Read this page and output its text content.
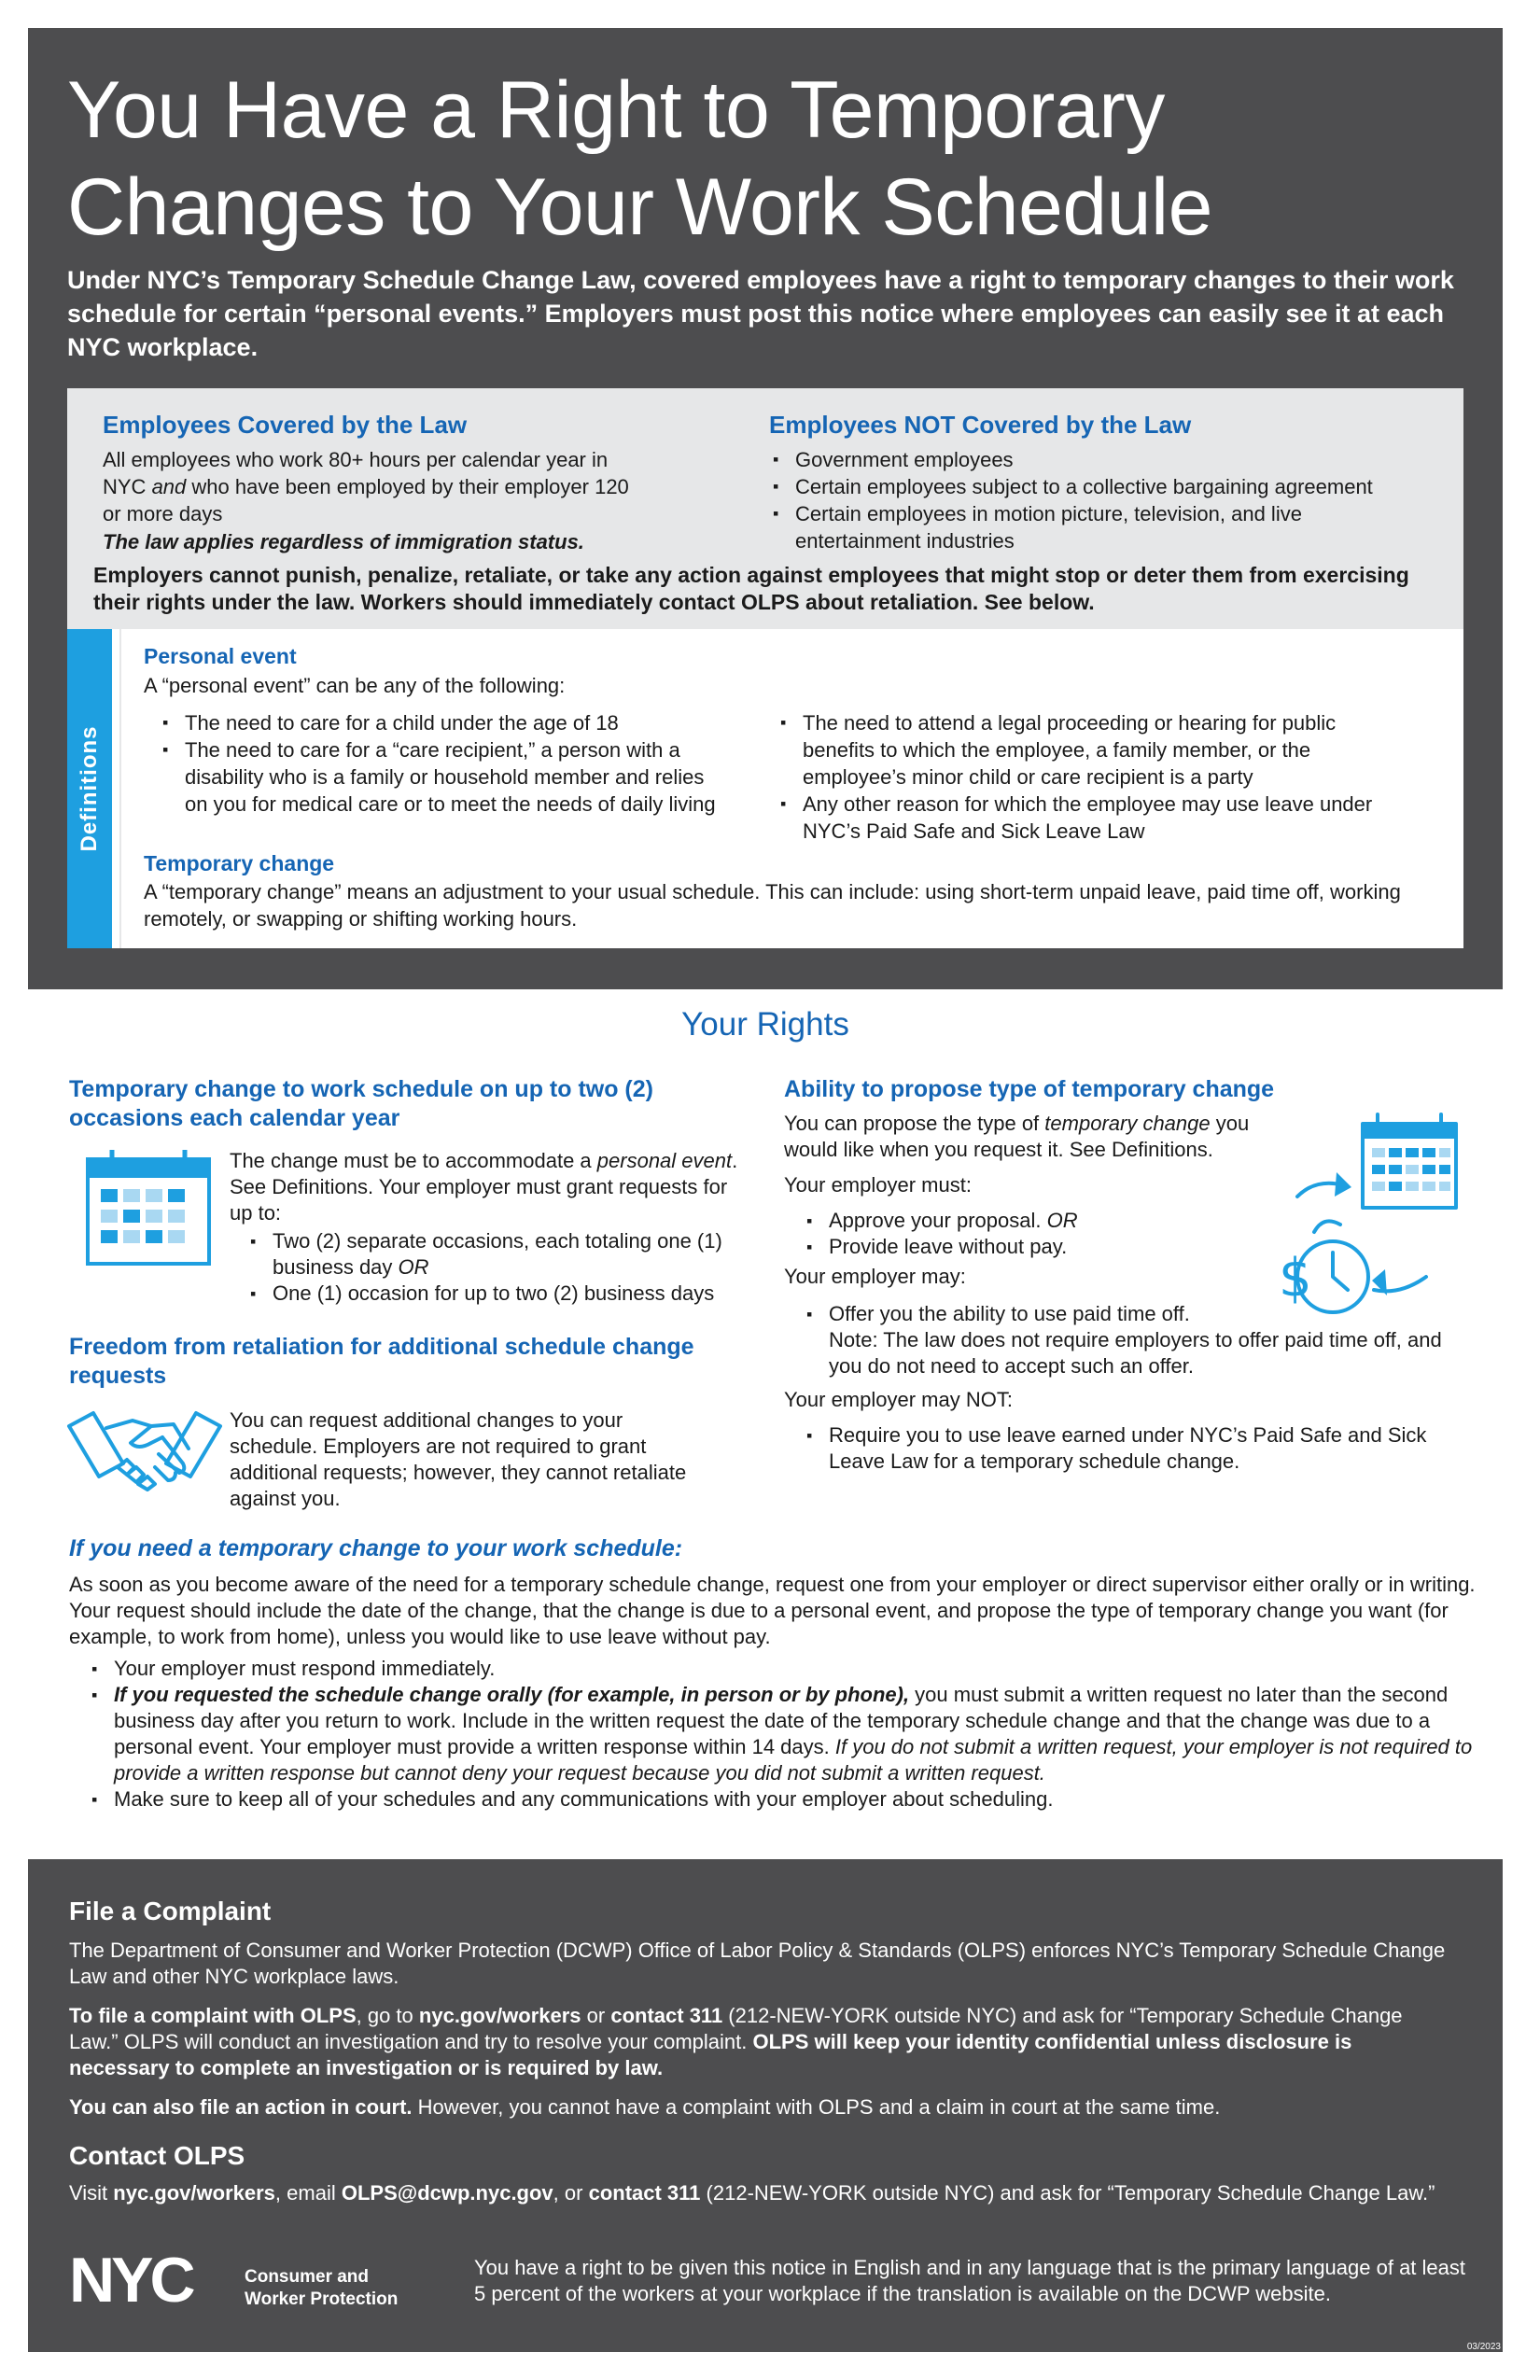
You Have a Right to Temporary
Changes to Your Work Schedule
Under NYC’s Temporary Schedule Change Law, covered employees have a right to temporary changes to their work schedule for certain “personal events.” Employers must post this notice where employees can easily see it at each NYC workplace.
Employees Covered by the Law
All employees who work 80+ hours per calendar year in NYC and who have been employed by their employer 120 or more days
The law applies regardless of immigration status.
Employees NOT Covered by the Law
▪ Government employees
▪ Certain employees subject to a collective bargaining agreement
▪ Certain employees in motion picture, television, and live entertainment industries
Employers cannot punish, penalize, retaliate, or take any action against employees that might stop or deter them from exercising their rights under the law. Workers should immediately contact OLPS about retaliation. See below.
Definitions
Personal event
A “personal event” can be any of the following:
▪ The need to care for a child under the age of 18
▪ The need to care for a “care recipient,” a person with a disability who is a family or household member and relies on you for medical care or to meet the needs of daily living
▪ The need to attend a legal proceeding or hearing for public benefits to which the employee, a family member, or the employee’s minor child or care recipient is a party
▪ Any other reason for which the employee may use leave under NYC’s Paid Safe and Sick Leave Law
Temporary change
A “temporary change” means an adjustment to your usual schedule. This can include: using short-term unpaid leave, paid time off, working remotely, or swapping or shifting working hours.
Your Rights
Temporary change to work schedule on up to two (2) occasions each calendar year
The change must be to accommodate a personal event. See Definitions. Your employer must grant requests for up to:
▪ Two (2) separate occasions, each totaling one (1) business day OR
▪ One (1) occasion for up to two (2) business days
Freedom from retaliation for additional schedule change requests
You can request additional changes to your schedule. Employers are not required to grant additional requests; however, they cannot retaliate against you.
Ability to propose type of temporary change
You can propose the type of temporary change you would like when you request it. See Definitions.
Your employer must:
▪ Approve your proposal. OR
▪ Provide leave without pay.
Your employer may:
▪ Offer you the ability to use paid time off.
Note: The law does not require employers to offer paid time off, and you do not need to accept such an offer.
Your employer may NOT:
▪ Require you to use leave earned under NYC’s Paid Safe and Sick Leave Law for a temporary schedule change.
$
If you need a temporary change to your work schedule:
As soon as you become aware of the need for a temporary schedule change, request one from your employer or direct supervisor either orally or in writing. Your request should include the date of the change, that the change is due to a personal event, and propose the type of temporary change you want (for example, to work from home), unless you would like to use leave without pay.
▪ Your employer must respond immediately.
▪ If you requested the schedule change orally (for example, in person or by phone), you must submit a written request no later than the second business day after you return to work. Include in the written request the date of the temporary schedule change and that the change was due to a personal event. Your employer must provide a written response within 14 days. If you do not submit a written request, your employer is not required to provide a written response but cannot deny your request because you did not submit a written request.
▪ Make sure to keep all of your schedules and any communications with your employer about scheduling.
File a Complaint
The Department of Consumer and Worker Protection (DCWP) Office of Labor Policy & Standards (OLPS) enforces NYC’s Temporary Schedule Change Law and other NYC workplace laws.
To file a complaint with OLPS, go to nyc.gov/workers or contact 311 (212-NEW-YORK outside NYC) and ask for “Temporary Schedule Change Law.” OLPS will conduct an investigation and try to resolve your complaint. OLPS will keep your identity confidential unless disclosure is necessary to complete an investigation or is required by law.
You can also file an action in court. However, you cannot have a complaint with OLPS and a claim in court at the same time.
Contact OLPS
Visit nyc.gov/workers, email OLPS@dcwp.nyc.gov, or contact 311 (212-NEW-YORK outside NYC) and ask for “Temporary Schedule Change Law.”
NYC	Consumer and
Worker Protection
You have a right to be given this notice in English and in any language that is the primary language of at least 5 percent of the workers at your workplace if the translation is available on the DCWP website.
03/2023
